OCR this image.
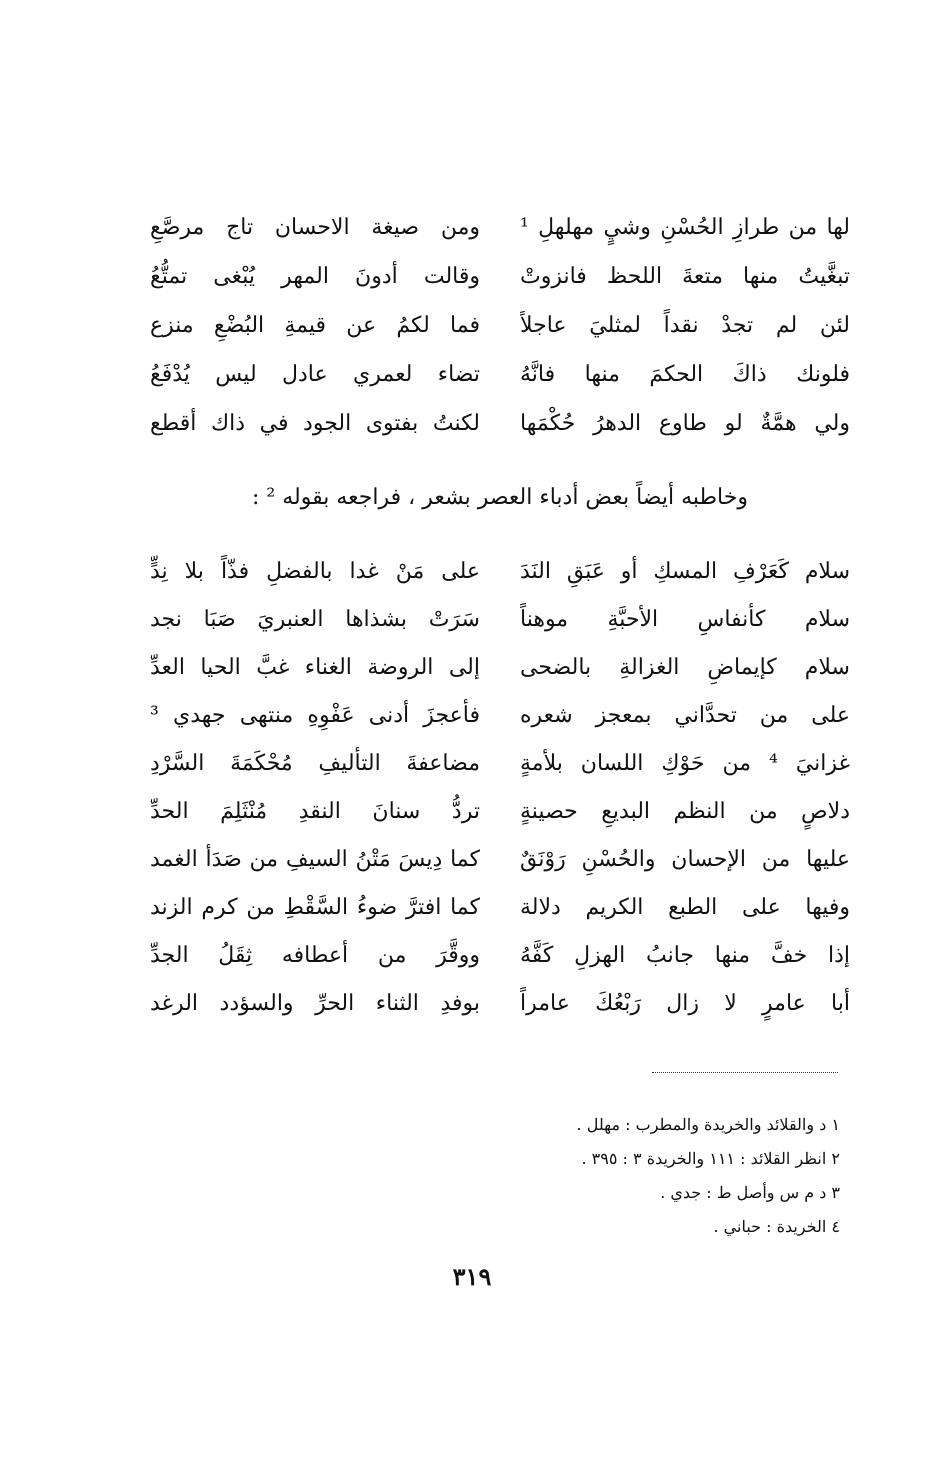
لها من طرازِ الحُسْنِ وشيٍ مهلهلِ ¹
ومن صيغة الاحسان تاج مرصَّعِ
تبغَّيتُ منها متعةَ اللحظ فانزوتْ
وقالت أدونَ المهر يُبْغى تمتُّعُ
لئن لم تجدْ نقداً لمثليَ عاجلاً
فما لكمُ عن قيمةِ البُضْعِ منزع
فلونك ذاكَ الحكمَ منها فانَّهُ
تضاء لعمري عادل ليس يُدْفَعُ
ولي همَّةٌ لو طاوع الدهرُ حُكْمَها
لكنتُ بفتوى الجود في ذاك أقطع
وخاطبه أيضاً بعض أدباء العصر بشعر ، فراجعه بقوله ² :
سلام كَعَرْفِ المسكِ أو عَبَقِ النَدَ
على مَنْ غدا بالفضلِ فذّاً بلا نِدٍّ
سلام كأنفاسِ الأحبَّةِ موهناً
سَرَتْ بشذاها العنبريَ صَبَا نجد
سلام كإيماضِ الغزالةِ بالضحى
إلى الروضة الغناء غبَّ الحيا العدِّ
على من تحدَّاني بمعجز شعره
فأعجزَ أدنى عَفْوِهِ منتهى جهدي ³
غزانيَ ⁴ من حَوْكِ اللسان بلأمةٍ
مضاعفةَ التأليفِ مُحْكَمَةَ السَّرْدِ
دلاصٍ من النظم البديعِ حصينةٍ
تردُّ سنانَ النقدِ مُنْثَلِمَ الحدِّ
عليها من الإحسان والحُسْنِ رَوْنَقٌ
كما دِيسَ مَتْنُ السيفِ من صَدَأ الغمد
وفيها على الطبع الكريم دلالة
كما افترَّ ضوءُ السَّقْطِ من كرم الزند
إذا خفَّ منها جانبُ الهزلِ كَفَّهُ
ووقَّرَ من أعطافه ثِقَلُ الجدِّ
أبا عامرٍ لا زال رَبْعُكَ عامراً
بوفدِ الثناء الحرِّ والسؤدد الرغد
١ د والقلائد والخريدة والمطرب : مهلل .
٢ انظر القلائد : ١١١ والخريدة ٣ : ٣٩٥ .
٣ د م س وأصل ط : جدي .
٤ الخريدة : حباني .
٣١٩
